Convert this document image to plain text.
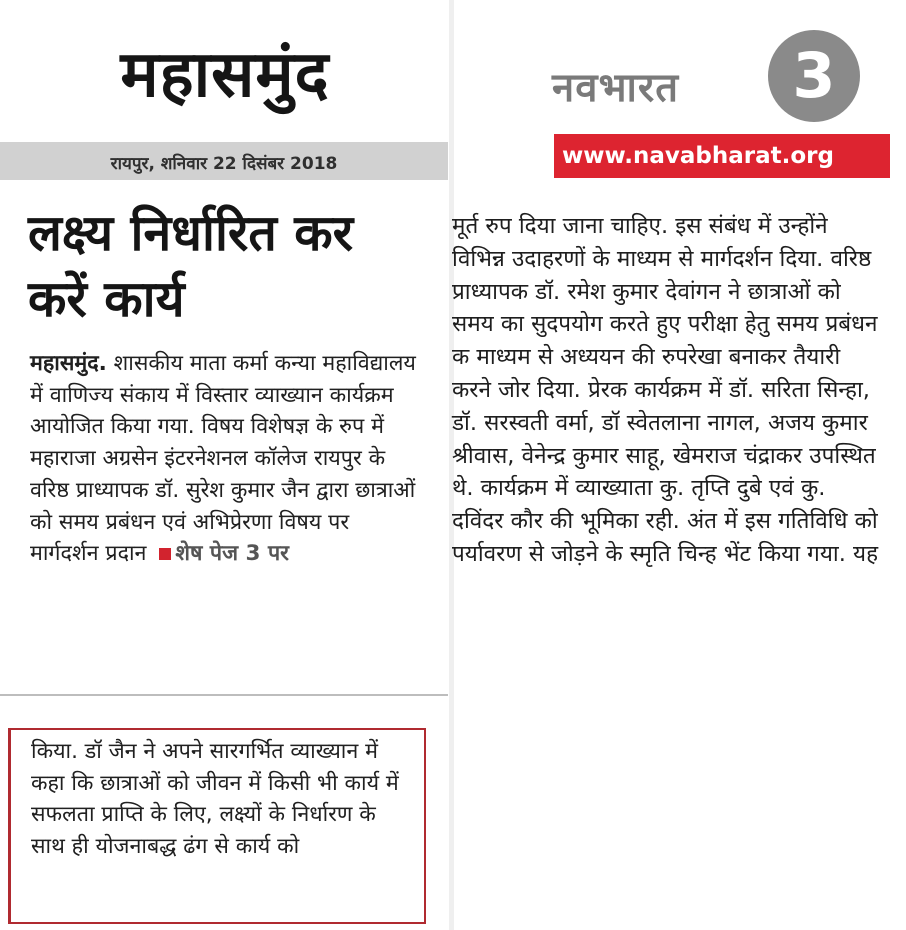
महासमुंद
रायपुर, शनिवार 22 दिसंबर 2018
नवभारत	3
www.navabharat.org
लक्ष्य निर्धारित कर करें कार्य
महासमुंद. शासकीय माता कर्मा कन्या महाविद्यालय में वाणिज्य संकाय में विस्तार व्याख्यान कार्यक्रम आयोजित किया गया. विषय विशेषज्ञ के रुप में महाराजा अग्रसेन इंटरनेशनल कॉलेज रायपुर के वरिष्ठ प्राध्यापक डॉ. सुरेश कुमार जैन द्वारा छात्राओं को समय प्रबंधन एवं अभिप्रेरणा विषय पर मार्गदर्शन प्रदान शेष पेज 3 पर
किया. डॉ जैन ने अपने सारगर्भित व्याख्यान में कहा कि छात्राओं को जीवन में किसी भी कार्य में सफलता प्राप्ति के लिए, लक्ष्यों के निर्धारण के साथ ही योजनाबद्ध ढंग से कार्य को
मूर्त रुप दिया जाना चाहिए. इस संबंध में उन्होंने विभिन्न उदाहरणों के माध्यम से मार्गदर्शन दिया. वरिष्ठ प्राध्यापक डॉ. रमेश कुमार देवांगन ने छात्राओं को समय का सुदपयोग करते हुए परीक्षा हेतु समय प्रबंधन क माध्यम से अध्ययन की रुपरेखा बनाकर तैयारी करने जोर दिया. प्रेरक कार्यक्रम में डॉ. सरिता सिन्हा, डॉ. सरस्वती वर्मा, डॉ स्वेतलाना नागल, अजय कुमार श्रीवास, वेनेन्द्र कुमार साहू, खेमराज चंद्राकर उपस्थित थे. कार्यक्रम में व्याख्याता कु. तृप्ति दुबे एवं कु. दविंदर कौर की भूमिका रही. अंत में इस गतिविधि को पर्यावरण से जोड़ने के स्मृति चिन्ह भेंट किया गया. यह
